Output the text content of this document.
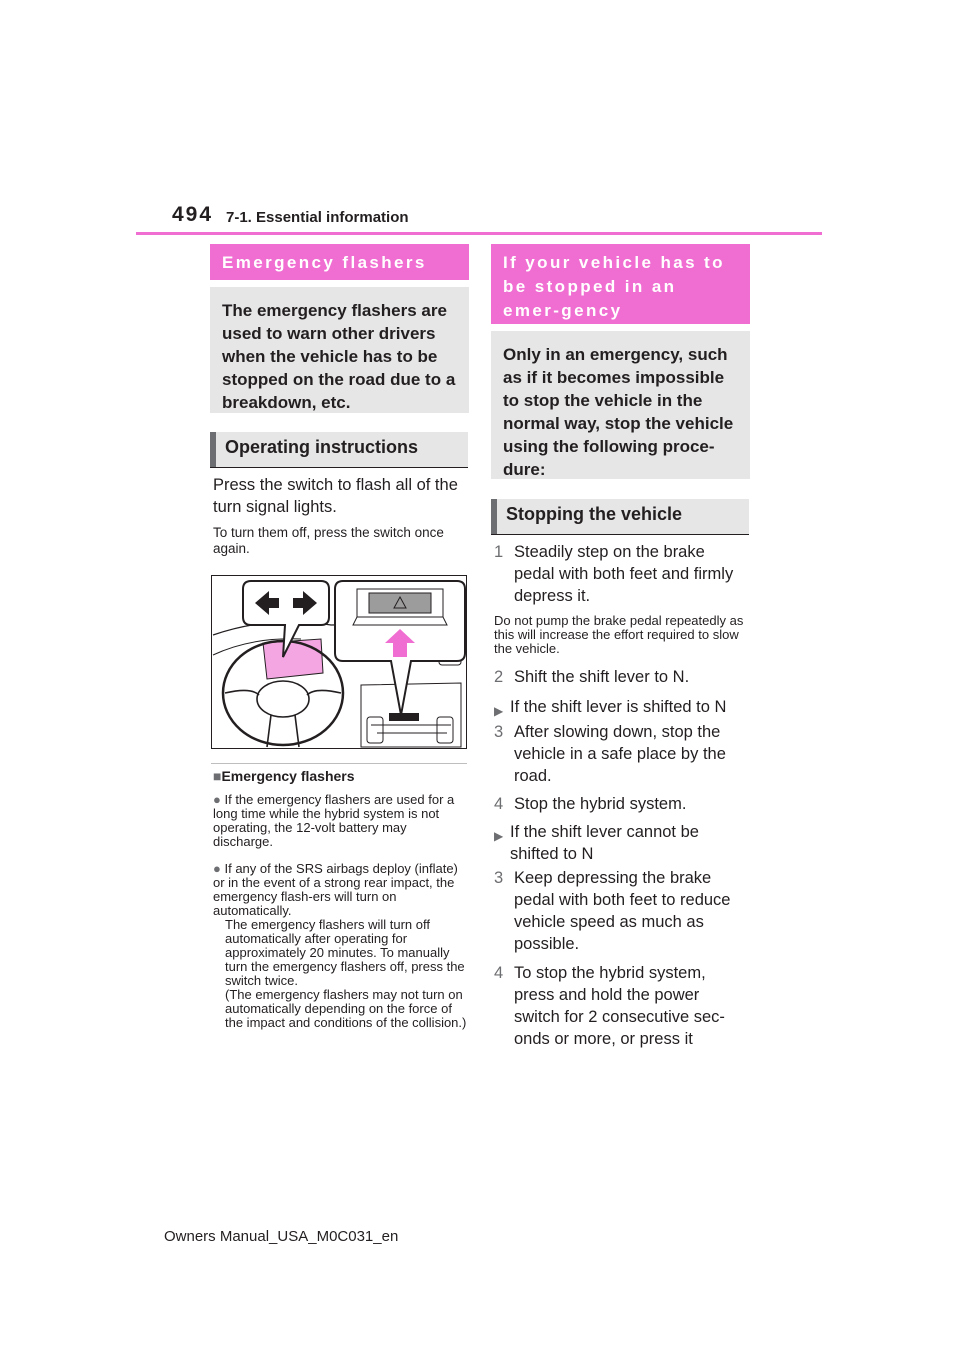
494 7-1. Essential information
Emergency flashers
The emergency flashers are used to warn other drivers when the vehicle has to be stopped on the road due to a breakdown, etc.
Operating instructions
Press the switch to flash all of the turn signal lights.
To turn them off, press the switch once again.
■Emergency flashers
● If the emergency flashers are used for a long time while the hybrid system is not operating, the 12-volt battery may discharge.
● If any of the SRS airbags deploy (inflate) or in the event of a strong rear impact, the emergency flash-ers will turn on automatically.
The emergency flashers will turn off automatically after operating for approximately 20 minutes. To manually turn the emergency flashers off, press the switch twice.
(The emergency flashers may not turn on automatically depending on the force of the impact and conditions of the collision.)
If your vehicle has to be stopped in an emer-gency
Only in an emergency, such as if it becomes impossible to stop the vehicle in the normal way, stop the vehicle using the following proce-dure:
Stopping the vehicle
1 Steadily step on the brake pedal with both feet and firmly depress it.
Do not pump the brake pedal repeatedly as this will increase the effort required to slow the vehicle.
2 Shift the shift lever to N.
▶ If the shift lever is shifted to N
3 After slowing down, stop the vehicle in a safe place by the road.
4 Stop the hybrid system.
▶ If the shift lever cannot be shifted to N
3 Keep depressing the brake pedal with both feet to reduce vehicle speed as much as possible.
4 To stop the hybrid system, press and hold the power switch for 2 consecutive sec-onds or more, or press it
Owners Manual_USA_M0C031_en
